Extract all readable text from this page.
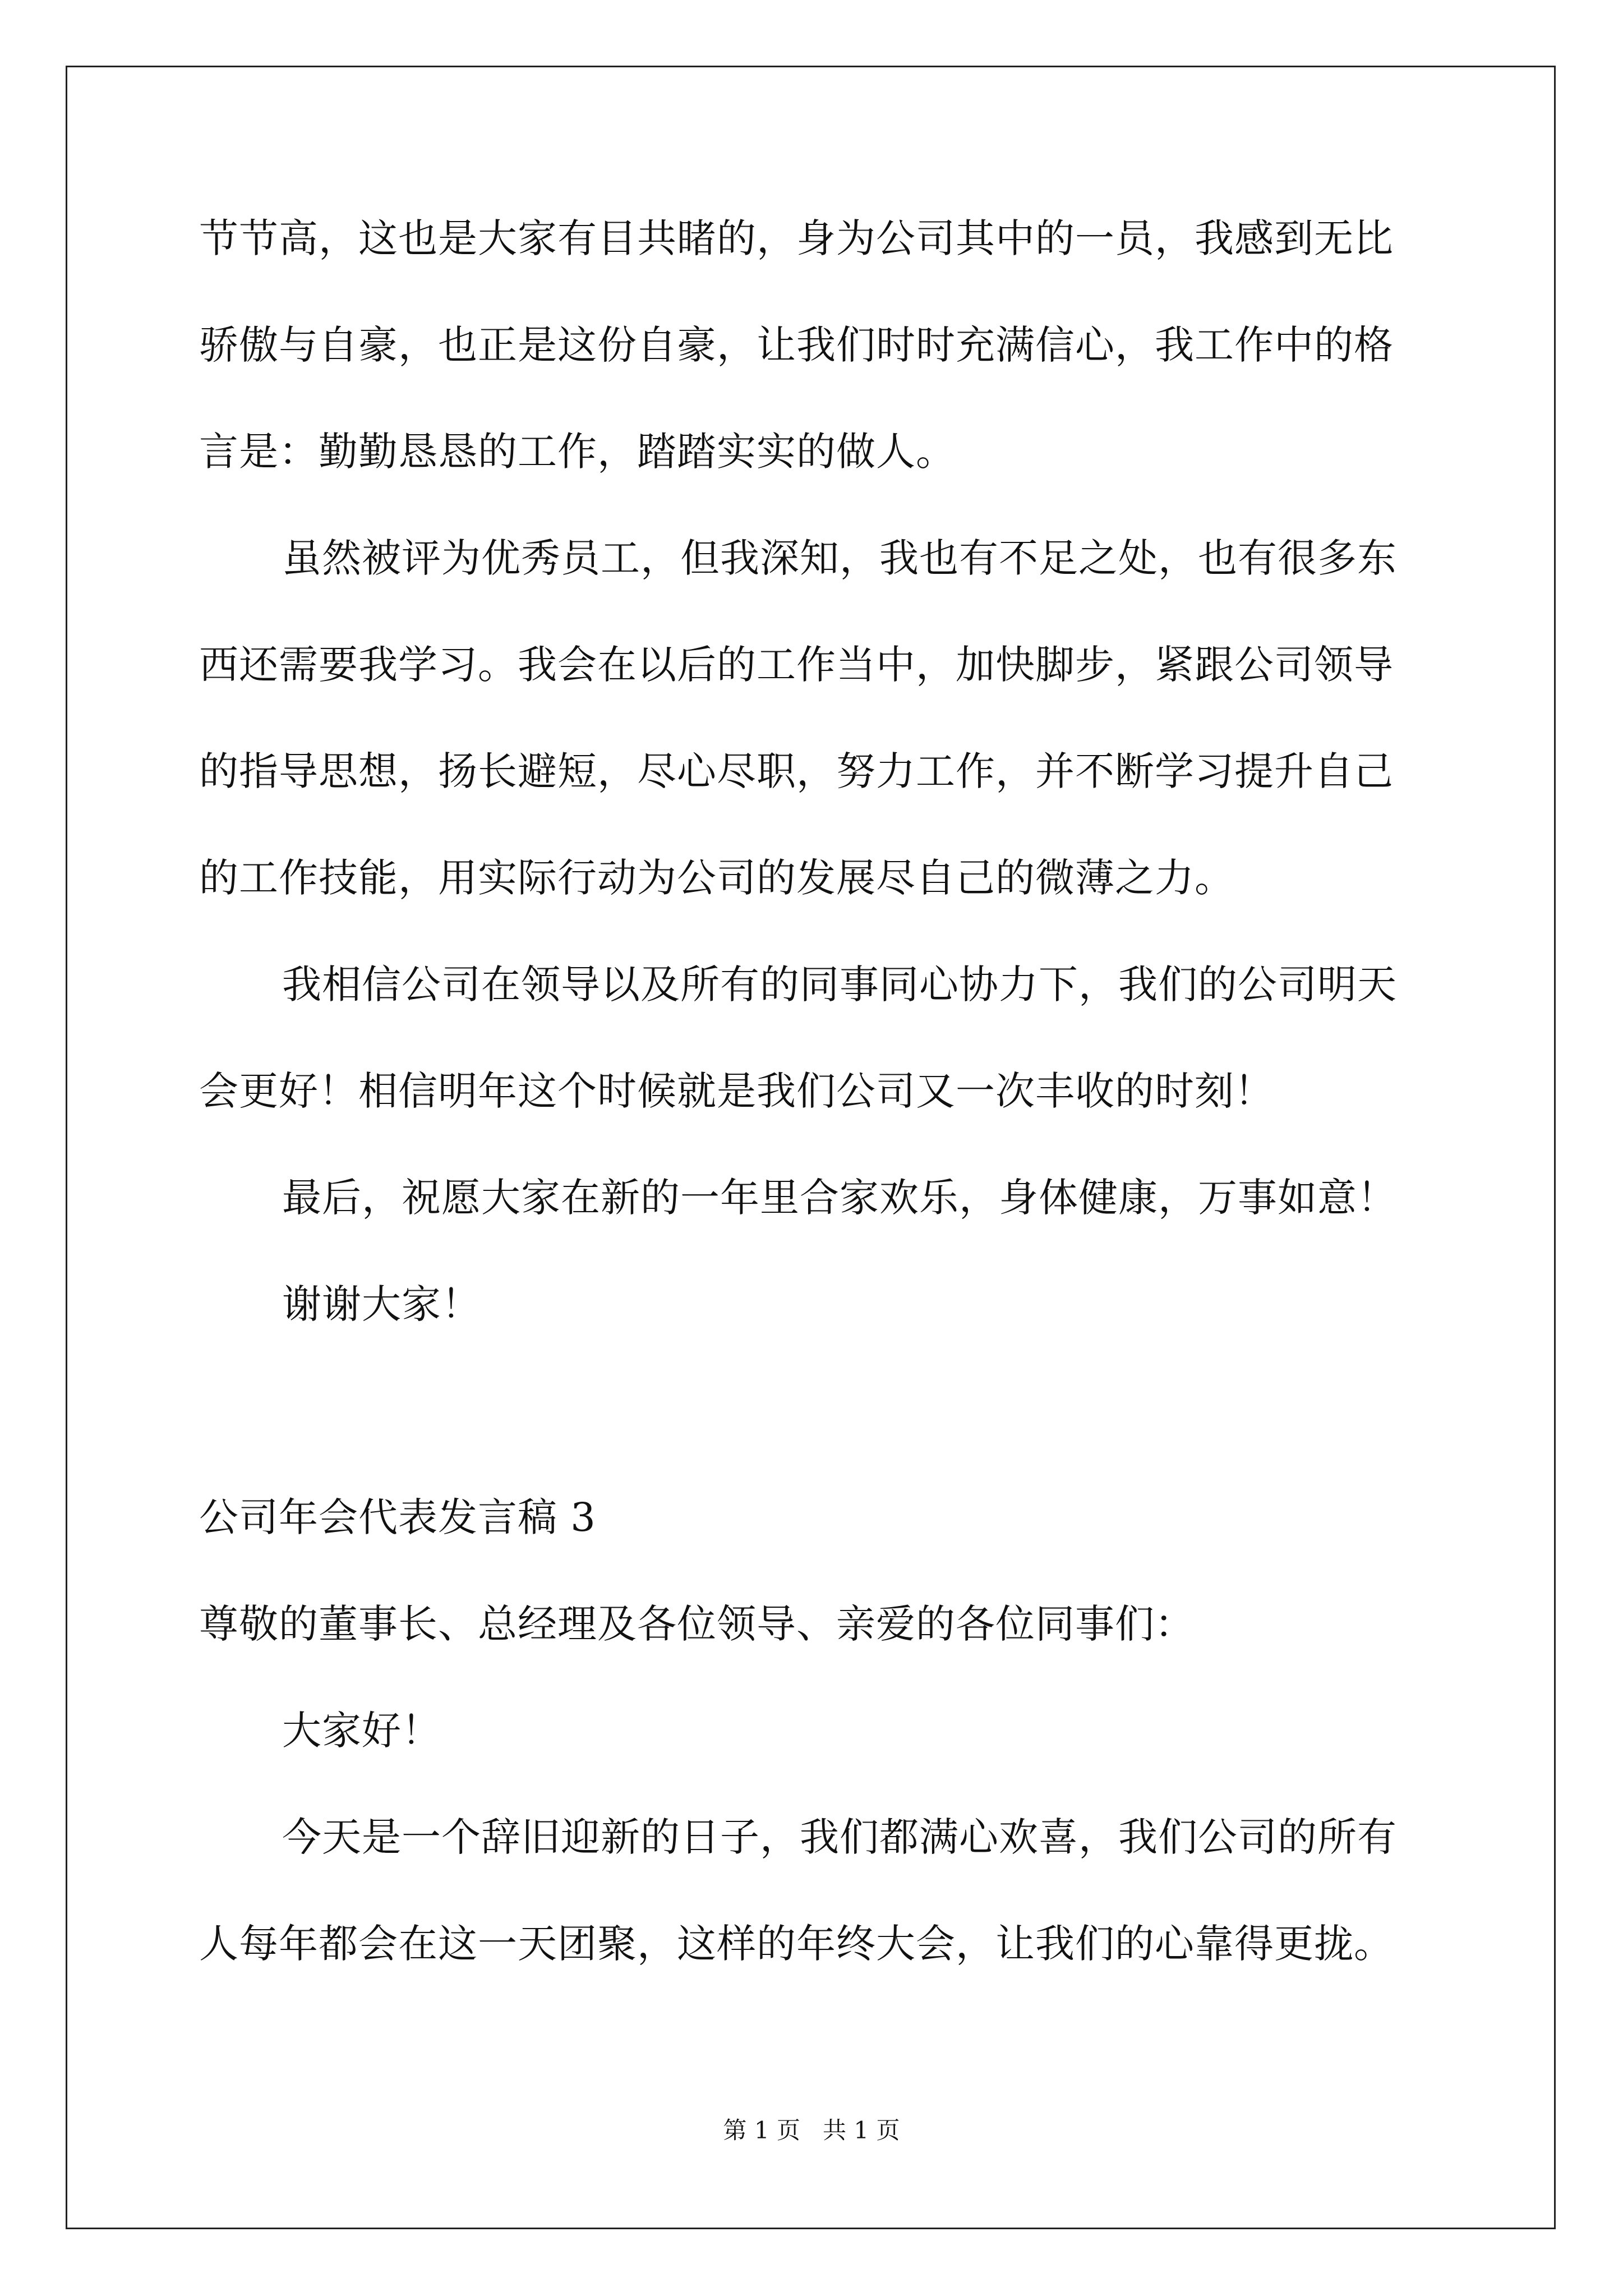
节节高，这也是大家有目共睹的，身为公司其中的一员，我感到无比
骄傲与自豪，也正是这份自豪，让我们时时充满信心，我工作中的格
言是：勤勤恳恳的工作，踏踏实实的做人。
虽然被评为优秀员工，但我深知，我也有不足之处，也有很多东
西还需要我学习。我会在以后的工作当中，加快脚步，紧跟公司领导
的指导思想，扬长避短，尽心尽职，努力工作，并不断学习提升自己
的工作技能，用实际行动为公司的发展尽自己的微薄之力。
我相信公司在领导以及所有的同事同心协力下，我们的公司明天
会更好！相信明年这个时候就是我们公司又一次丰收的时刻！
最后，祝愿大家在新的一年里合家欢乐，身体健康，万事如意！
谢谢大家！
公司年会代表发言稿 3
尊敬的董事长、总经理及各位领导、亲爱的各位同事们：
大家好！
今天是一个辞旧迎新的日子，我们都满心欢喜，我们公司的所有
人每年都会在这一天团聚，这样的年终大会，让我们的心靠得更拢。
第 1 页   共 1 页
